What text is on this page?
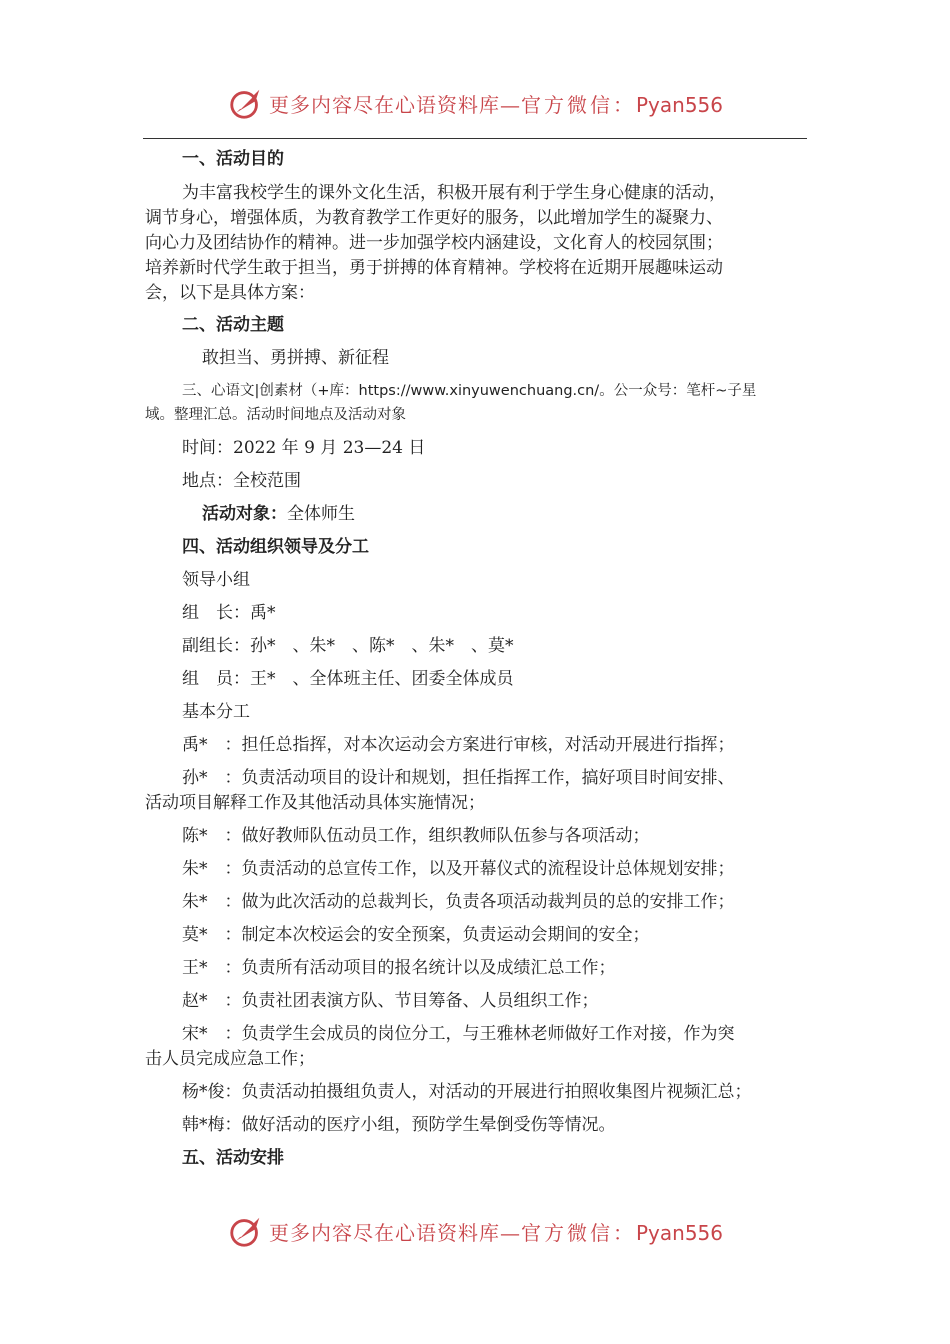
更多内容尽在心语资料库—官方微信：Pyan556
一、活动目的
为丰富我校学生的课外文化生活，积极开展有利于学生身心健康的活动，
调节身心，增强体质，为教育教学工作更好的服务，以此增加学生的凝聚力、
向心力及团结协作的精神。进一步加强学校内涵建设，文化育人的校园氛围；
培养新时代学生敢于担当，勇于拼搏的体育精神。学校将在近期开展趣味运动
会，以下是具体方案：
二、活动主题
敢担当、勇拼搏、新征程
三、心语文|创素材（+库：https://www.xinyuwenchuang.cn/。公一众号：笔杆~子星
域。整理汇总。活动时间地点及活动对象
时间：2022 年 9 月 23—24 日
地点：全校范围
活动对象：全体师生
四、活动组织领导及分工
领导小组
组　长：禹*
副组长：孙*　、朱*　、陈*　、朱*　、莫*
组　员：王*　、全体班主任、团委全体成员
基本分工
禹*　：担任总指挥，对本次运动会方案进行审核，对活动开展进行指挥；
孙*　：负责活动项目的设计和规划，担任指挥工作，搞好项目时间安排、
活动项目解释工作及其他活动具体实施情况；
陈*　：做好教师队伍动员工作，组织教师队伍参与各项活动；
朱*　：负责活动的总宣传工作，以及开幕仪式的流程设计总体规划安排；
朱*　：做为此次活动的总裁判长，负责各项活动裁判员的总的安排工作；
莫*　：制定本次校运会的安全预案，负责运动会期间的安全；
王*　：负责所有活动项目的报名统计以及成绩汇总工作；
赵*　：负责社团表演方队、节目筹备、人员组织工作；
宋*　：负责学生会成员的岗位分工，与王雅林老师做好工作对接，作为突
击人员完成应急工作；
杨*俊：负责活动拍摄组负责人，对活动的开展进行拍照收集图片视频汇总；
韩*梅：做好活动的医疗小组，预防学生晕倒受伤等情况。
五、活动安排
更多内容尽在心语资料库—官方微信：Pyan556
